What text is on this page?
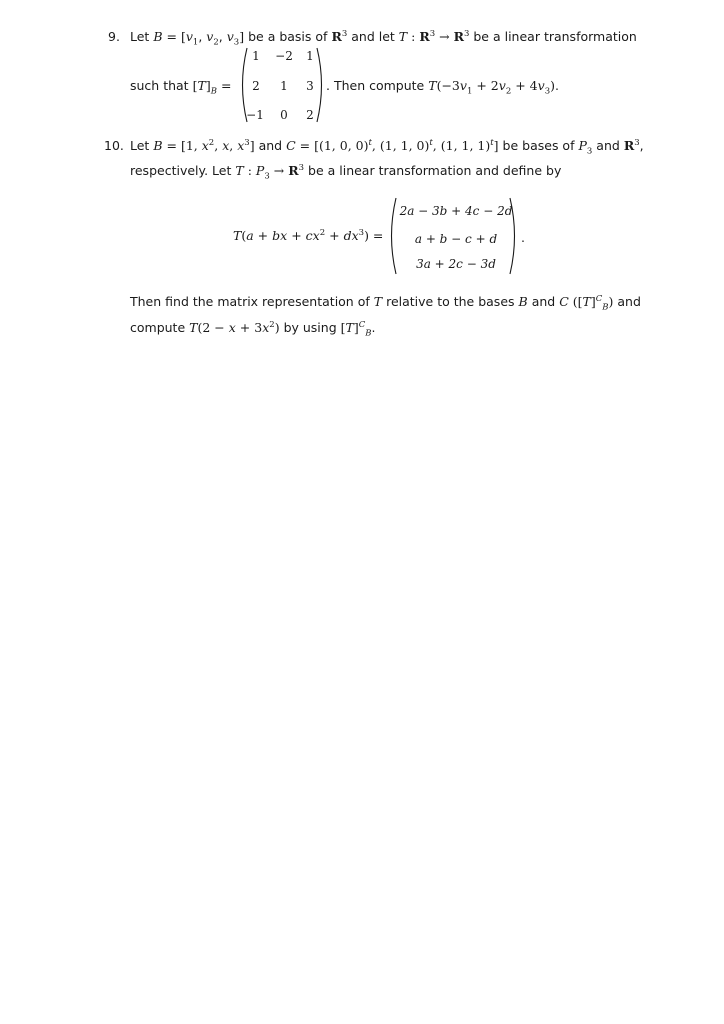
9. Let $B = [v_1$, $v_2$, $v_3$] be a basis of $R^3$ and let T : $R^3 \to R^3$ be a linear transformation
such that $[T]_B$ =
1	−2	1
2	1	3
−1	0	2
. Then compute $T(-3v_1 + 2v_2 + 4v_3)$.
10. Let B = [1, $x^2$, x, $x^3$] and C = [(1, 0, 0)$^t$, (1, 1, 0)$^t$, (1, 1, 1)$^t$] be bases of $P_3$ and $R^3$,
respectively. Let T : $P_3 \to R^3$ be a linear transformation and define by
T(a + bx + $cx^2 + dx^3$) =
2a − 3b + 4c − 2d
a + b − c + d
3a + 2c − 3d
.
Then find the matrix representation of T relative to the bases B and C $([T]^C_B)$ and
compute $T(2 - x + 3x^2)$ by using $[T]^C_B$.
